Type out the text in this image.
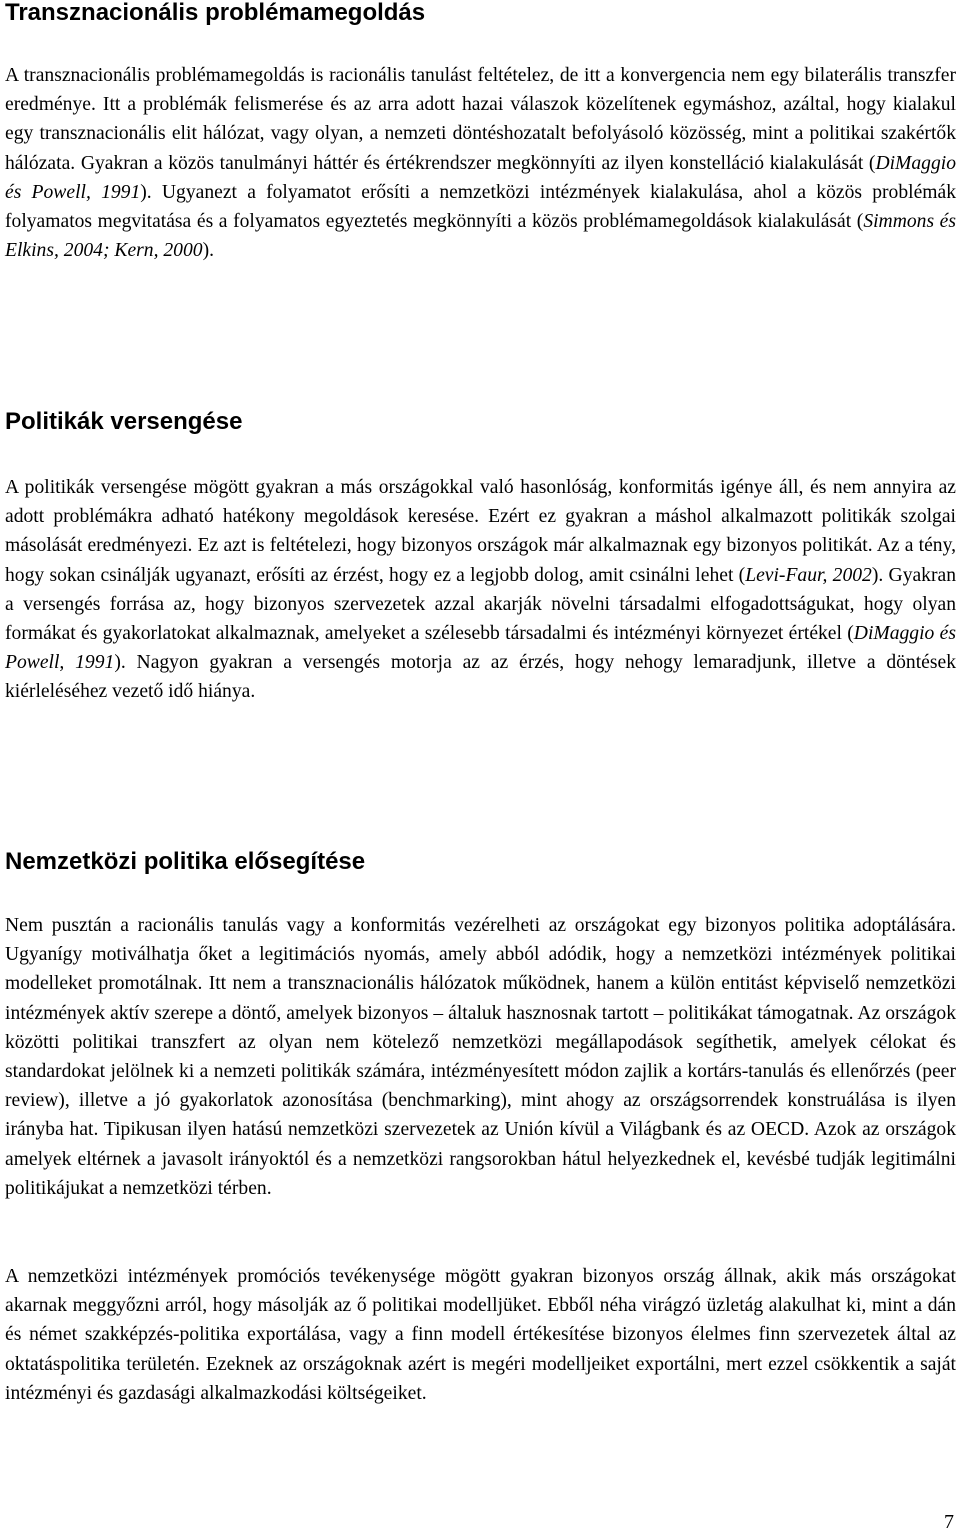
Transznacionális problémamegoldás

A transznacionális problémamegoldás is racionális tanulást feltételez, de itt a konvergencia nem egy bilaterális transzfer eredménye. Itt a problémák felismerése és az arra adott hazai válaszok közelítenek egymáshoz, azáltal, hogy kialakul egy transznacionális elit hálózat, vagy olyan, a nemzeti döntéshozatalt befolyásoló közösség, mint a politikai szakértők hálózata. Gyakran a közös tanulmányi háttér és értékrendszer megkönnyíti az ilyen konstelláció kialakulását (DiMaggio és Powell, 1991). Ugyanezt a folyamatot erősíti a nemzetközi intézmények kialakulása, ahol a közös problémák folyamatos megvitatása és a folyamatos egyeztetés megkönnyíti a közös problémamegoldások kialakulását (Simmons és Elkins, 2004; Kern, 2000).

Politikák versengése

A politikák versengése mögött gyakran a más országokkal való hasonlóság, konformitás igénye áll, és nem annyira az adott problémákra adható hatékony megoldások keresése. Ezért ez gyakran a máshol alkalmazott politikák szolgai másolását eredményezi. Ez azt is feltételezi, hogy bizonyos országok már alkalmaznak egy bizonyos politikát. Az a tény, hogy sokan csinálják ugyanazt, erősíti az érzést, hogy ez a legjobb dolog, amit csinálni lehet (Levi-Faur, 2002). Gyakran a versengés forrása az, hogy bizonyos szervezetek azzal akarják növelni társadalmi elfogadottságukat, hogy olyan formákat és gyakorlatokat alkalmaznak, amelyeket a szélesebb társadalmi és intézményi környezet értékel (DiMaggio és Powell, 1991). Nagyon gyakran a versengés motorja az az érzés, hogy nehogy lemaradjunk, illetve a döntések kiérleléséhez vezető idő hiánya.

Nemzetközi politika elősegítése

Nem pusztán a racionális tanulás vagy a konformitás vezérelheti az országokat egy bizonyos politika adoptálására. Ugyanígy motiválhatja őket a legitimációs nyomás, amely abból adódik, hogy a nemzetközi intézmények politikai modelleket promotálnak. Itt nem a transznacionális hálózatok működnek, hanem a külön entitást képviselő nemzetközi intézmények aktív szerepe a döntő, amelyek bizonyos – általuk hasznosnak tartott – politikákat támogatnak. Az országok közötti politikai transzfert az olyan nem kötelező nemzetközi megállapodások segíthetik, amelyek célokat és standardokat jelölnek ki a nemzeti politikák számára, intézményesített módon zajlik a kortárs-tanulás és ellenőrzés (peer review), illetve a jó gyakorlatok azonosítása (benchmarking), mint ahogy az országsorrendek konstruálása is ilyen irányba hat. Tipikusan ilyen hatású nemzetközi szervezetek az Unión kívül a Világbank és az OECD. Azok az országok amelyek eltérnek a javasolt irányoktól és a nemzetközi rangsorokban hátul helyezkednek el, kevésbé tudják legitimálni politikájukat a nemzetközi térben.

A nemzetközi intézmények promóciós tevékenysége mögött gyakran bizonyos ország állnak, akik más országokat akarnak meggyőzni arról, hogy másolják az ő politikai modelljüket. Ebből néha virágzó üzletág alakulhat ki, mint a dán és német szakképzés-politika exportálása, vagy a finn modell értékesítése bizonyos élelmes finn szervezetek által az oktatáspolitika területén. Ezeknek az országoknak azért is megéri modelljeiket exportálni, mert ezzel csökkentik a saját intézményi és gazdasági alkalmazkodási költségeiket.

7
